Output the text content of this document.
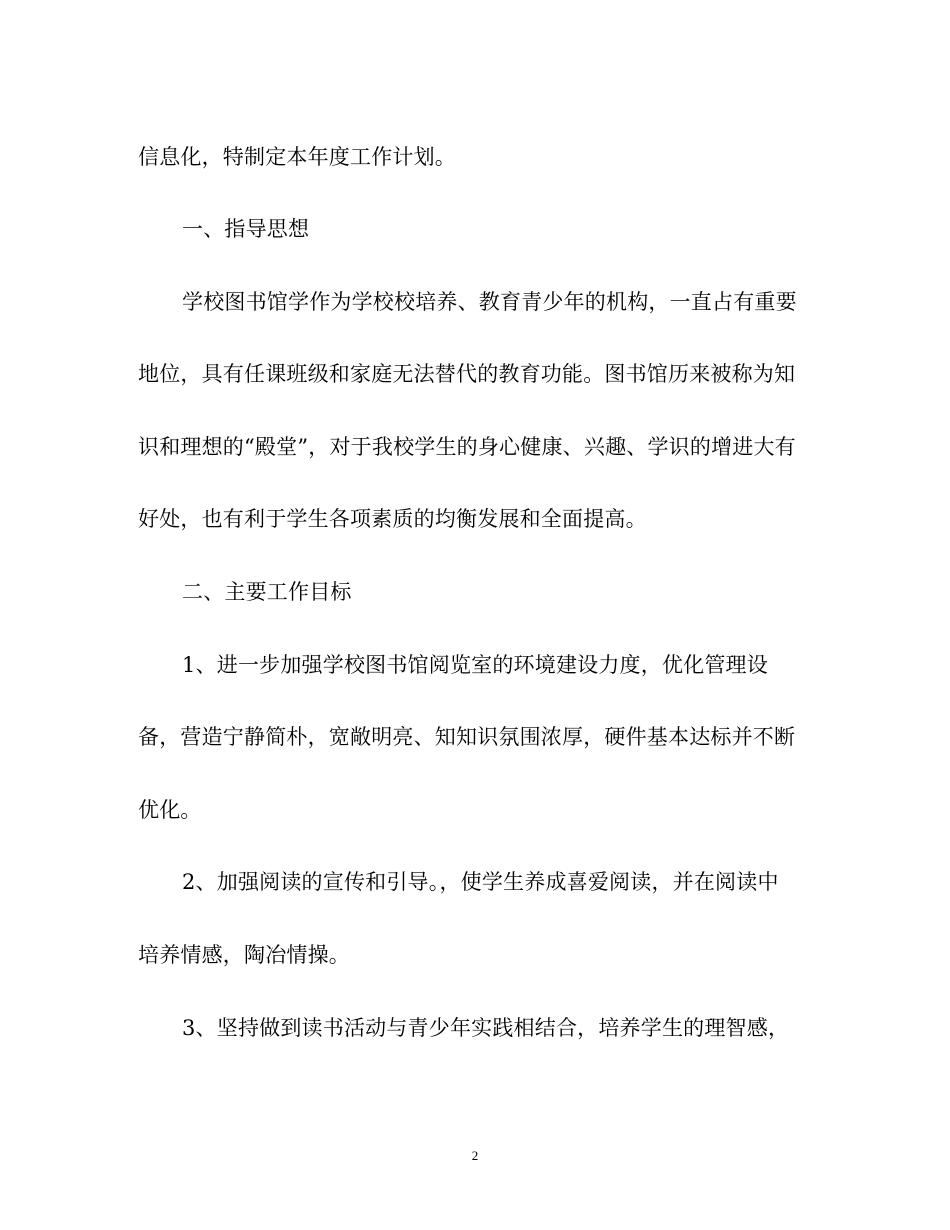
信息化，特制定本年度工作计划。
一、指导思想
学校图书馆学作为学校校培养、教育青少年的机构，一直占有重要
地位，具有任课班级和家庭无法替代的教育功能。图书馆历来被称为知
识和理想的“殿堂”，对于我校学生的身心健康、兴趣、学识的增进大有
好处，也有利于学生各项素质的均衡发展和全面提高。
二、主要工作目标
1、进一步加强学校图书馆阅览室的环境建设力度，优化管理设
备，营造宁静简朴，宽敞明亮、知知识氛围浓厚，硬件基本达标并不断
优化。
2、加强阅读的宣传和引导。，使学生养成喜爱阅读，并在阅读中
培养情感，陶冶情操。
3、坚持做到读书活动与青少年实践相结合，培养学生的理智感，
2
